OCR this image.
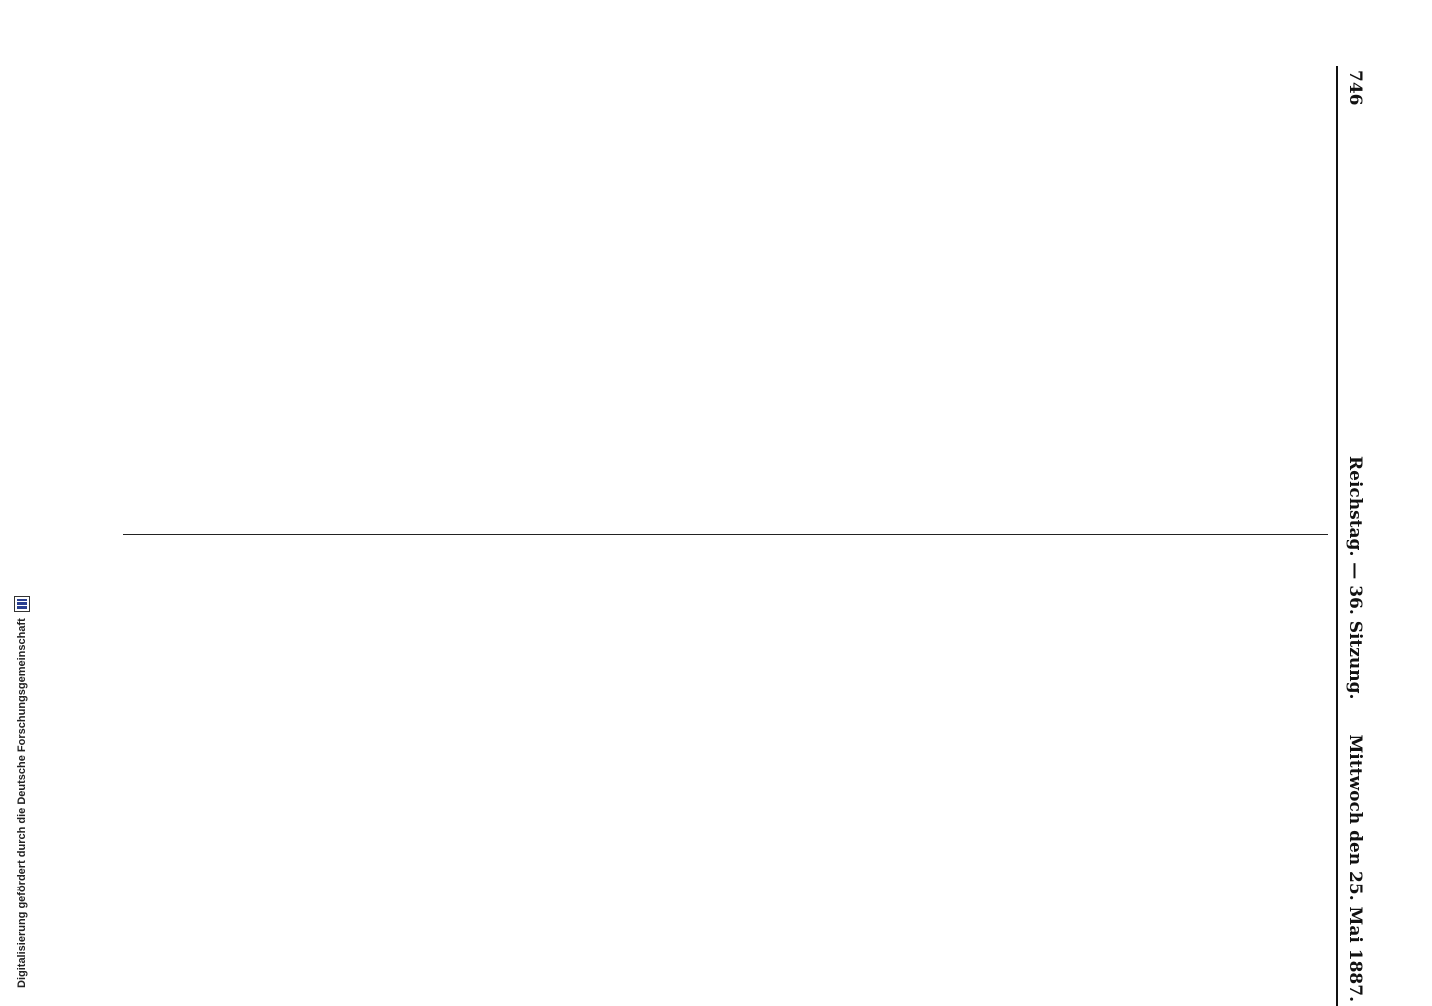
746
Reichstag. — 36. Sitzung.
Mittwoch den 25. Mai 1887.
Digitalisierung gefördert durch die Deutsche Forschungsgemeinschaft
